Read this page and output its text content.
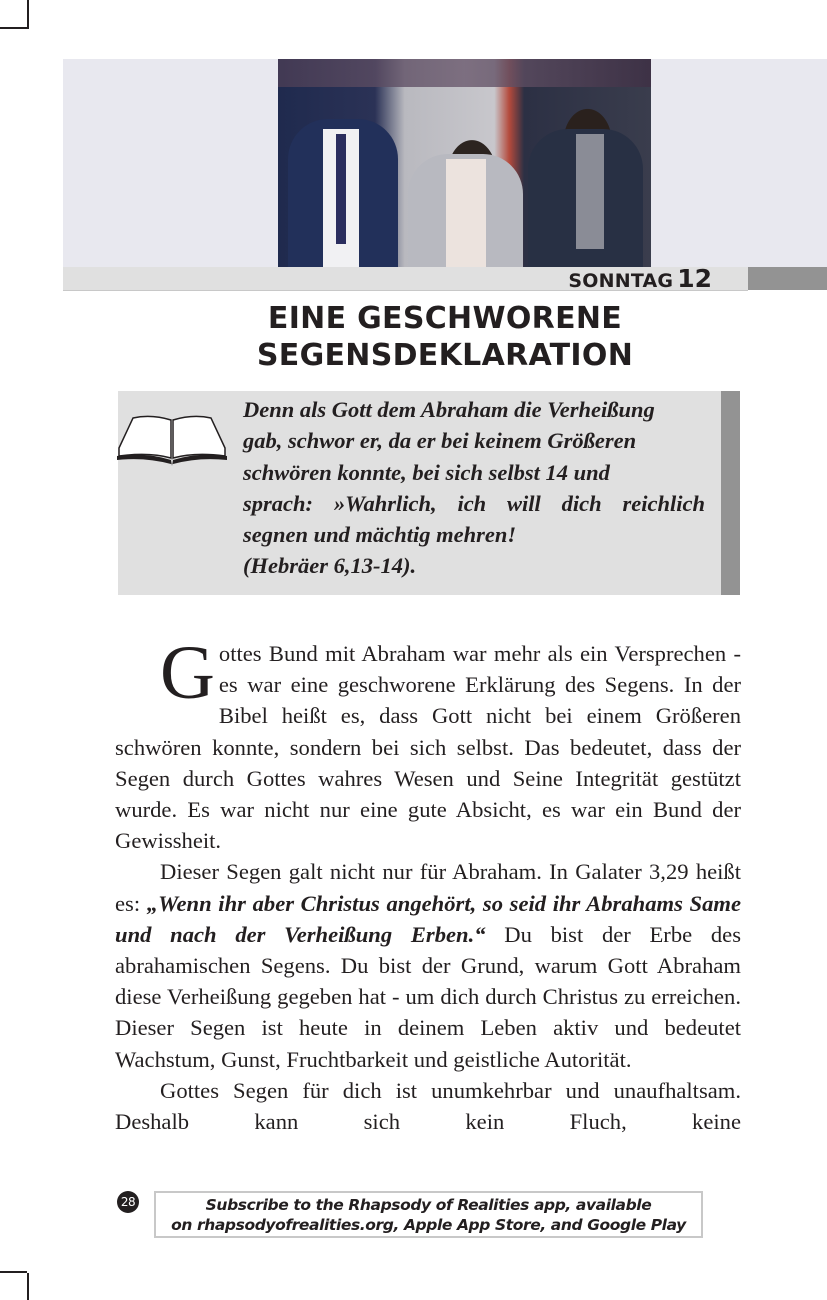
SONNTAG 12
EINE GESCHWORENE
SEGENSDEKLARATION
Denn als Gott dem Abraham die Verheißung
gab, schwor er, da er bei keinem Größeren
schwören konnte, bei sich selbst 14 und
sprach: »Wahrlich, ich will dich reichlich
segnen und mächtig mehren!
(Hebräer 6,13-14).

Gottes Bund mit Abraham war mehr als ein Versprechen - es war eine geschworene Erklärung des Segens. In der Bibel heißt es, dass Gott nicht bei einem Größeren schwören konnte, sondern bei sich selbst. Das bedeutet, dass der Segen durch Gottes wahres Wesen und Seine Integrität gestützt wurde. Es war nicht nur eine gute Absicht, es war ein Bund der Gewissheit.

Dieser Segen galt nicht nur für Abraham. In Galater 3,29 heißt es: „Wenn ihr aber Christus angehört, so seid ihr Abrahams Same und nach der Verheißung Erben.“ Du bist der Erbe des abrahamischen Segens. Du bist der Grund, warum Gott Abraham diese Verheißung gegeben hat - um dich durch Christus zu erreichen. Dieser Segen ist heute in deinem Leben aktiv und bedeutet Wachstum, Gunst, Fruchtbarkeit und geistliche Autorität.

Gottes Segen für dich ist unumkehrbar und unaufhaltsam. Deshalb kann sich kein Fluch, keine

28	Subscribe to the Rhapsody of Realities app, available
on rhapsodyofrealities.org, Apple App Store, and Google Play
